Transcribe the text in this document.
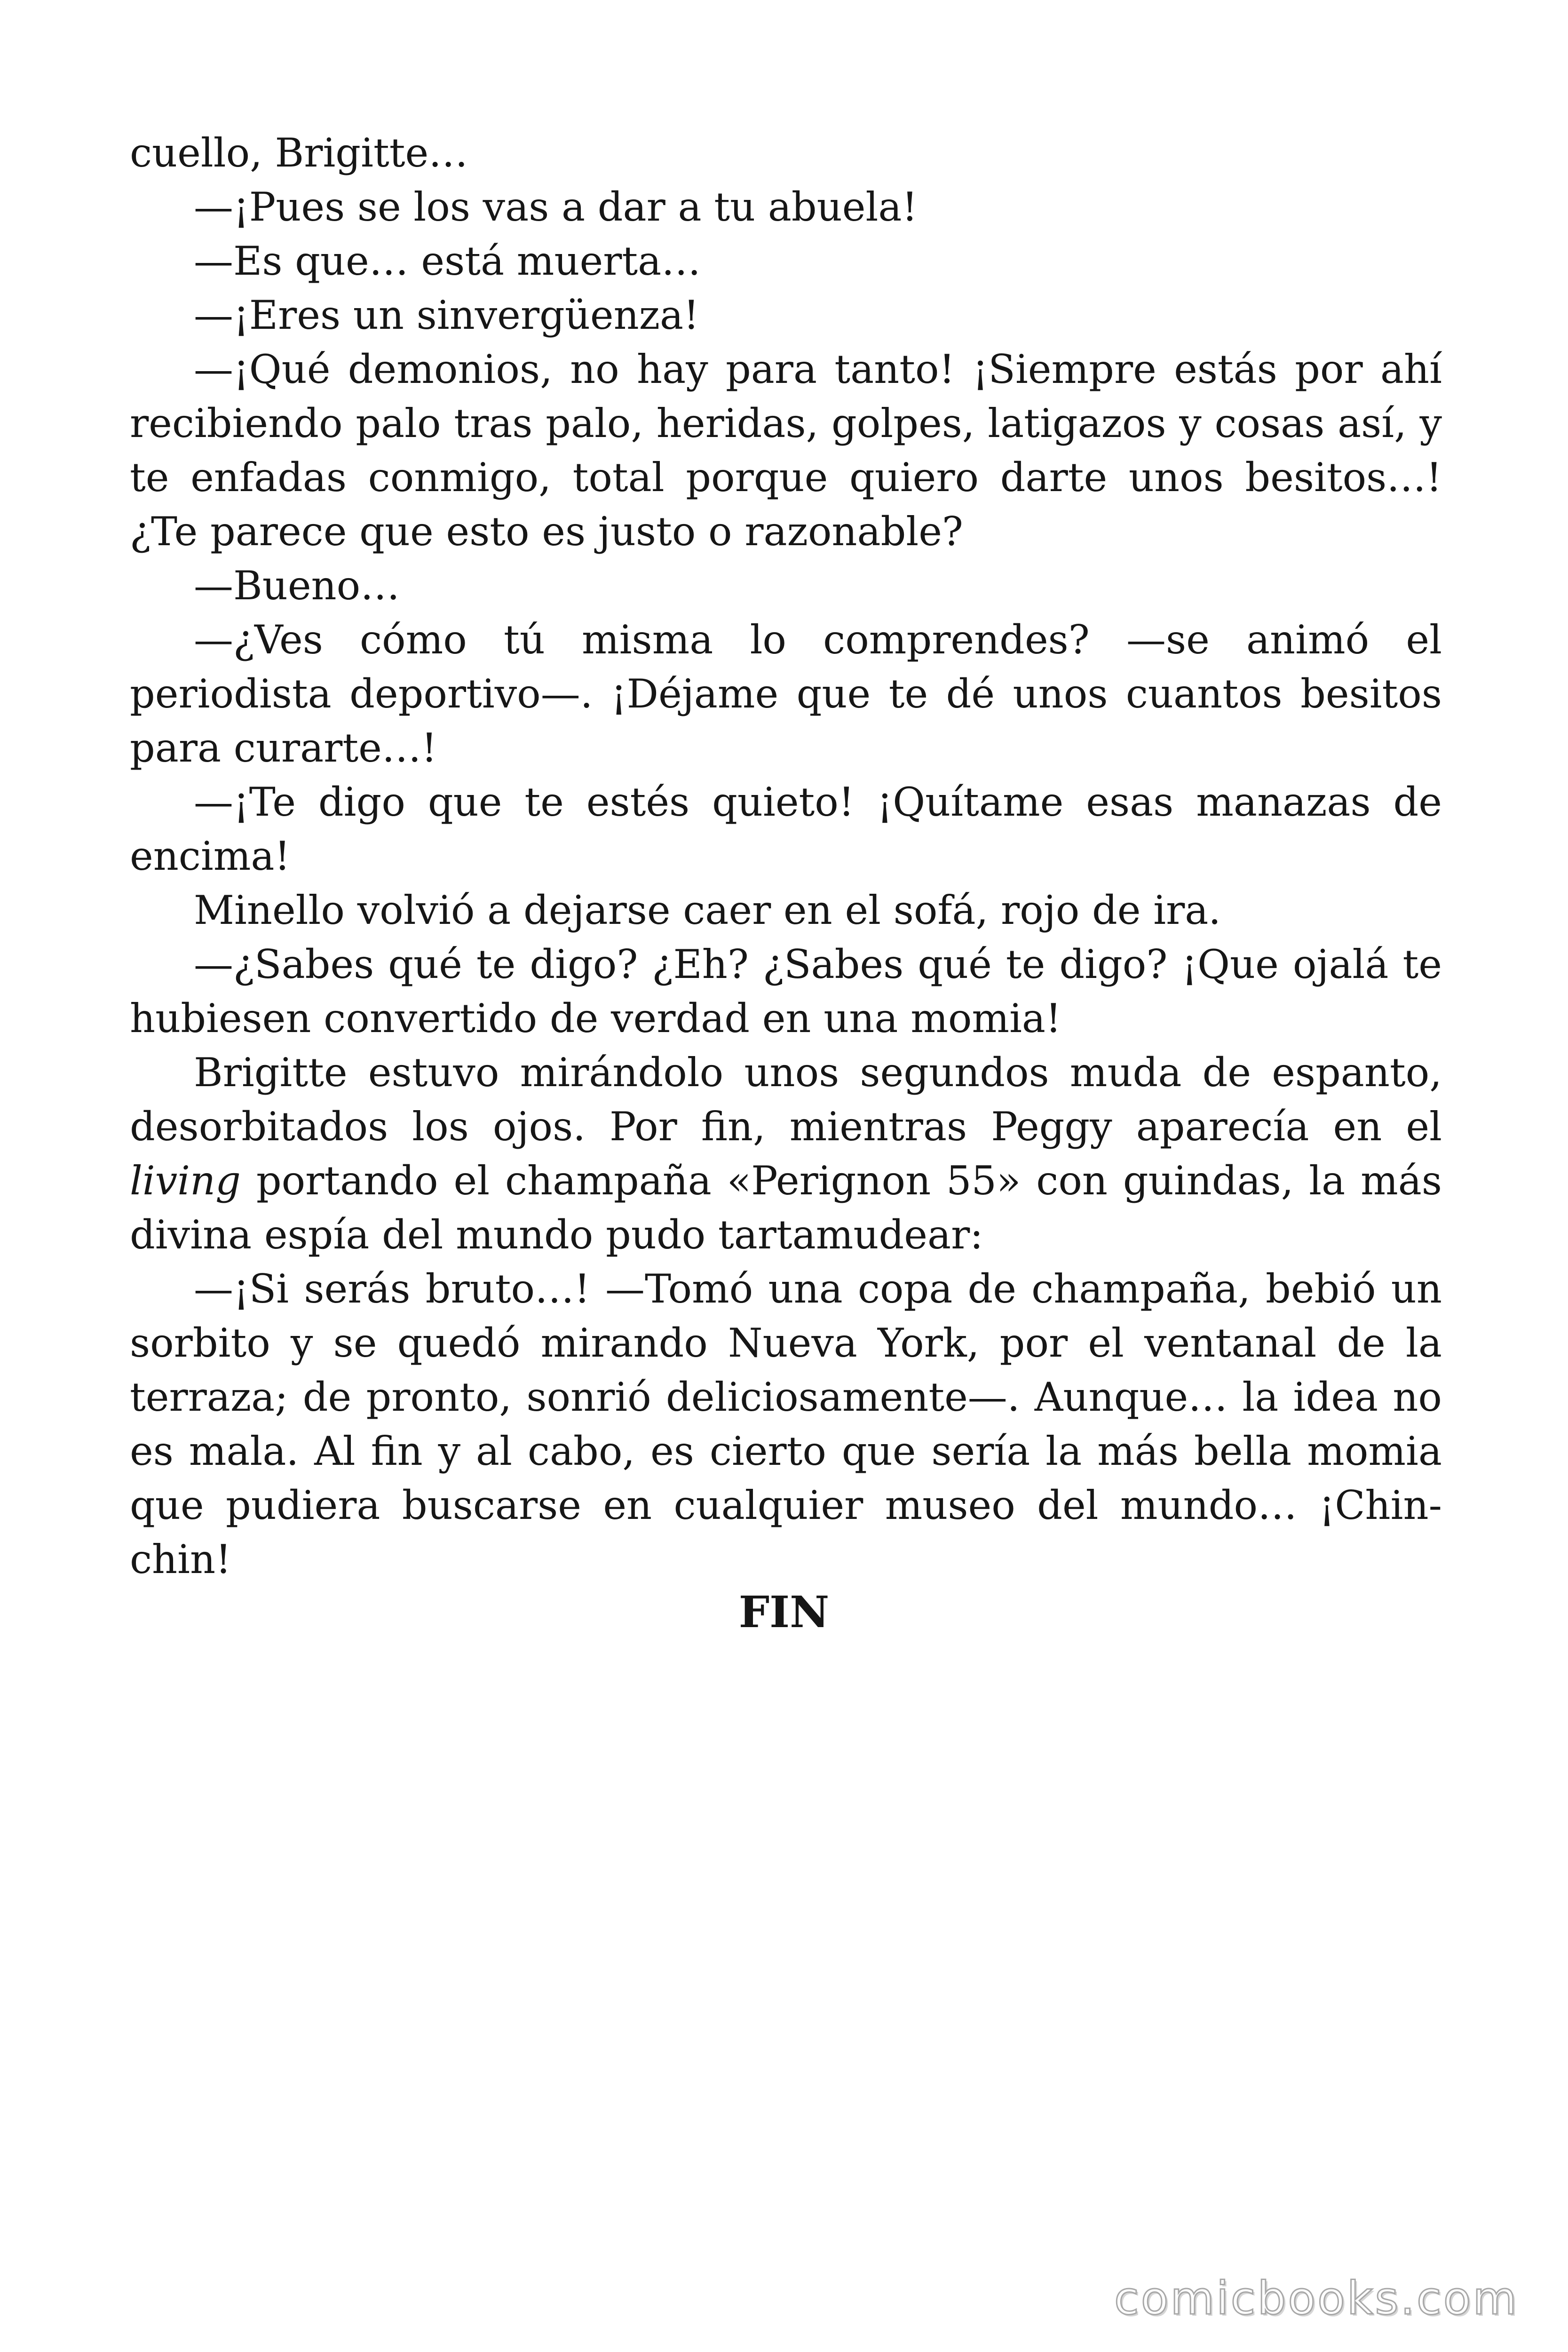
cuello, Brigitte…

—¡Pues se los vas a dar a tu abuela!

—Es que… está muerta…

—¡Eres un sinvergüenza!

—¡Qué demonios, no hay para tanto! ¡Siempre estás por ahí recibiendo palo tras palo, heridas, golpes, latigazos y cosas así, y te enfadas conmigo, total porque quiero darte unos besitos…! ¿Te parece que esto es justo o razonable?

—Bueno…

—¿Ves cómo tú misma lo comprendes? —se animó el periodista deportivo—. ¡Déjame que te dé unos cuantos besitos para curarte…!

—¡Te digo que te estés quieto! ¡Quítame esas manazas de encima!

Minello volvió a dejarse caer en el sofá, rojo de ira.

—¿Sabes qué te digo? ¿Eh? ¿Sabes qué te digo? ¡Que ojalá te hubiesen convertido de verdad en una momia!

Brigitte estuvo mirándolo unos segundos muda de espanto, desorbitados los ojos. Por fin, mientras Peggy aparecía en el living portando el champaña «Perignon 55» con guindas, la más divina espía del mundo pudo tartamudear:

—¡Si serás bruto…! —Tomó una copa de champaña, bebió un sorbito y se quedó mirando Nueva York, por el ventanal de la terraza; de pronto, sonrió deliciosamente—. Aunque… la idea no es mala. Al fin y al cabo, es cierto que sería la más bella momia que pudiera buscarse en cualquier museo del mundo… ¡Chin-chin!

FIN
comicbooks.com
